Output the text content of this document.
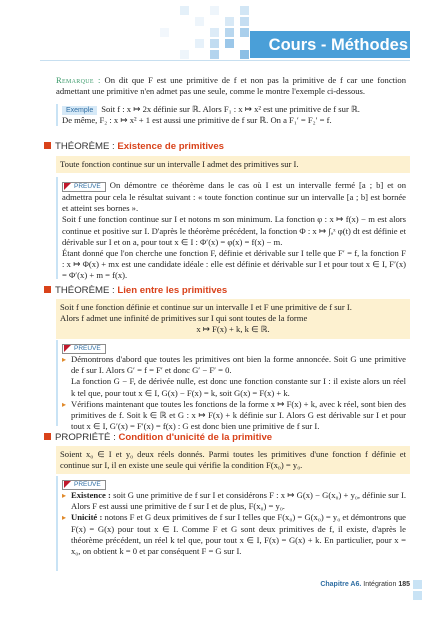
Cours - Méthodes
Remarque : On dit que F est une primitive de f et non pas la primitive de f car une fonction admettant une primitive n'en admet pas une seule, comme le montre l'exemple ci-dessous.
Exemple Soit f : x ↦ 2x définie sur ℝ. Alors F₁ : x ↦ x² est une primitive de f sur ℝ.
De même, F₂ : x ↦ x² + 1 est aussi une primitive de f sur ℝ. On a F₁′ = F₂′ = f.
THÉORÈME : Existence de primitives
Toute fonction continue sur un intervalle I admet des primitives sur I.
PREUVE On démontre ce théorème dans le cas où I est un intervalle fermé [a ; b] et on admettra pour cela le résultat suivant : « toute fonction continue sur un intervalle [a ; b] est bornée et atteint ses bornes ».
Soit f une fonction continue sur I et notons m son minimum. La fonction φ : x ↦ f(x) − m est alors continue et positive sur I. D'après le théorème précédent, la fonction Φ : x ↦ ∫ₐˣ φ(t) dt est définie et dérivable sur I et on a, pour tout x ∈ I : Φ′(x) = φ(x) = f(x) − m.
Étant donné que l'on cherche une fonction F, définie et dérivable sur I telle que F′ = f, la fonction F : x ↦ Φ(x) + mx est une candidate idéale : elle est définie et dérivable sur I et pour tout x ∈ I, F′(x) = Φ′(x) + m = f(x).
THÉORÈME : Lien entre les primitives
Soit f une fonction définie et continue sur un intervalle I et F une primitive de f sur I.
Alors f admet une infinité de primitives sur I qui sont toutes de la forme
x ↦ F(x) + k, k ∈ ℝ.
PREUVE
▸ Démontrons d'abord que toutes les primitives ont bien la forme annoncée. Soit G une primitive de f sur I. Alors G′ = f = F′ et donc G′ − F′ = 0.
La fonction G − F, de dérivée nulle, est donc une fonction constante sur I : il existe alors un réel k tel que, pour tout x ∈ I, G(x) − F(x) = k, soit G(x) = F(x) + k.
▸ Vérifions maintenant que toutes les fonctions de la forme x ↦ F(x) + k, avec k réel, sont bien des primitives de f. Soit k ∈ ℝ et G : x ↦ F(x) + k définie sur I. Alors G est dérivable sur I et pour tout x ∈ I, G′(x) = F′(x) = f(x) : G est donc bien une primitive de f sur I.
PROPRIÉTÉ : Condition d'unicité de la primitive
Soient x₀ ∈ I et y₀ deux réels donnés. Parmi toutes les primitives d'une fonction f définie et continue sur I, il en existe une seule qui vérifie la condition F(x₀) = y₀.
PREUVE
▸ Existence : soit G une primitive de f sur I et considérons F : x ↦ G(x) − G(x₀) + y₀, définie sur I. Alors F est aussi une primitive de f sur I et de plus, F(x₀) = y₀.
▸ Unicité : notons F et G deux primitives de f sur I telles que F(x₀) = G(x₀) = y₀ et démontrons que F(x) = G(x) pour tout x ∈ I. Comme F et G sont deux primitives de f, il existe, d'après le théorème précédent, un réel k tel que, pour tout x ∈ I, F(x) = G(x) + k. En particulier, pour x = x₀, on obtient k = 0 et par conséquent F = G sur I.
Chapitre A6. Intégration 185
